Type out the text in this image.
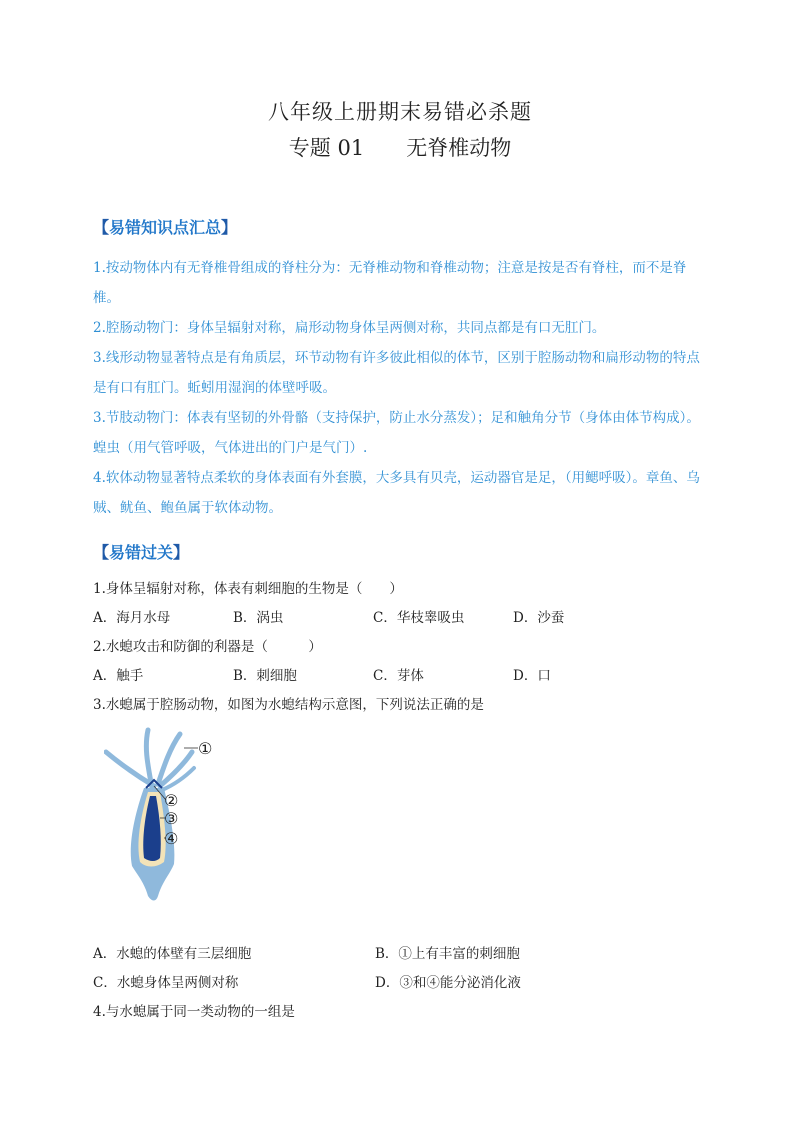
八年级上册期末易错必杀题
专题 01　　无脊椎动物
【易错知识点汇总】

1.按动物体内有无脊椎骨组成的脊柱分为：无脊椎动物和脊椎动物；注意是按是否有脊柱，而不是脊椎。

2.腔肠动物门：身体呈辐射对称，扁形动物身体呈两侧对称，共同点都是有口无肛门。

3.线形动物显著特点是有角质层，环节动物有许多彼此相似的体节，区别于腔肠动物和扁形动物的特点是有口有肛门。蚯蚓用湿润的体壁呼吸。

3.节肢动物门：体表有坚韧的外骨骼（支持保护，防止水分蒸发）；足和触角分节（身体由体节构成）。蝗虫（用气管呼吸，气体进出的门户是气门）.

4.软体动物显著特点柔软的身体表面有外套膜，大多具有贝壳，运动器官是足，（用鳃呼吸）。章鱼、乌贼、鱿鱼、鲍鱼属于软体动物。

【易错过关】

1.身体呈辐射对称，体表有刺细胞的生物是（　　）

A．海月水母	B．涡虫	C．华枝睾吸虫	D．沙蚕

2.水螅攻击和防御的利器是（　　　）

A．触手	B．刺细胞	C．芽体	D．口

3.水螅属于腔肠动物，如图为水螅结构示意图，下列说法正确的是

①
②
③
④
A．水螅的体壁有三层细胞	B．①上有丰富的刺细胞
C．水螅身体呈两侧对称	D．③和④能分泌消化液

4.与水螅属于同一类动物的一组是
